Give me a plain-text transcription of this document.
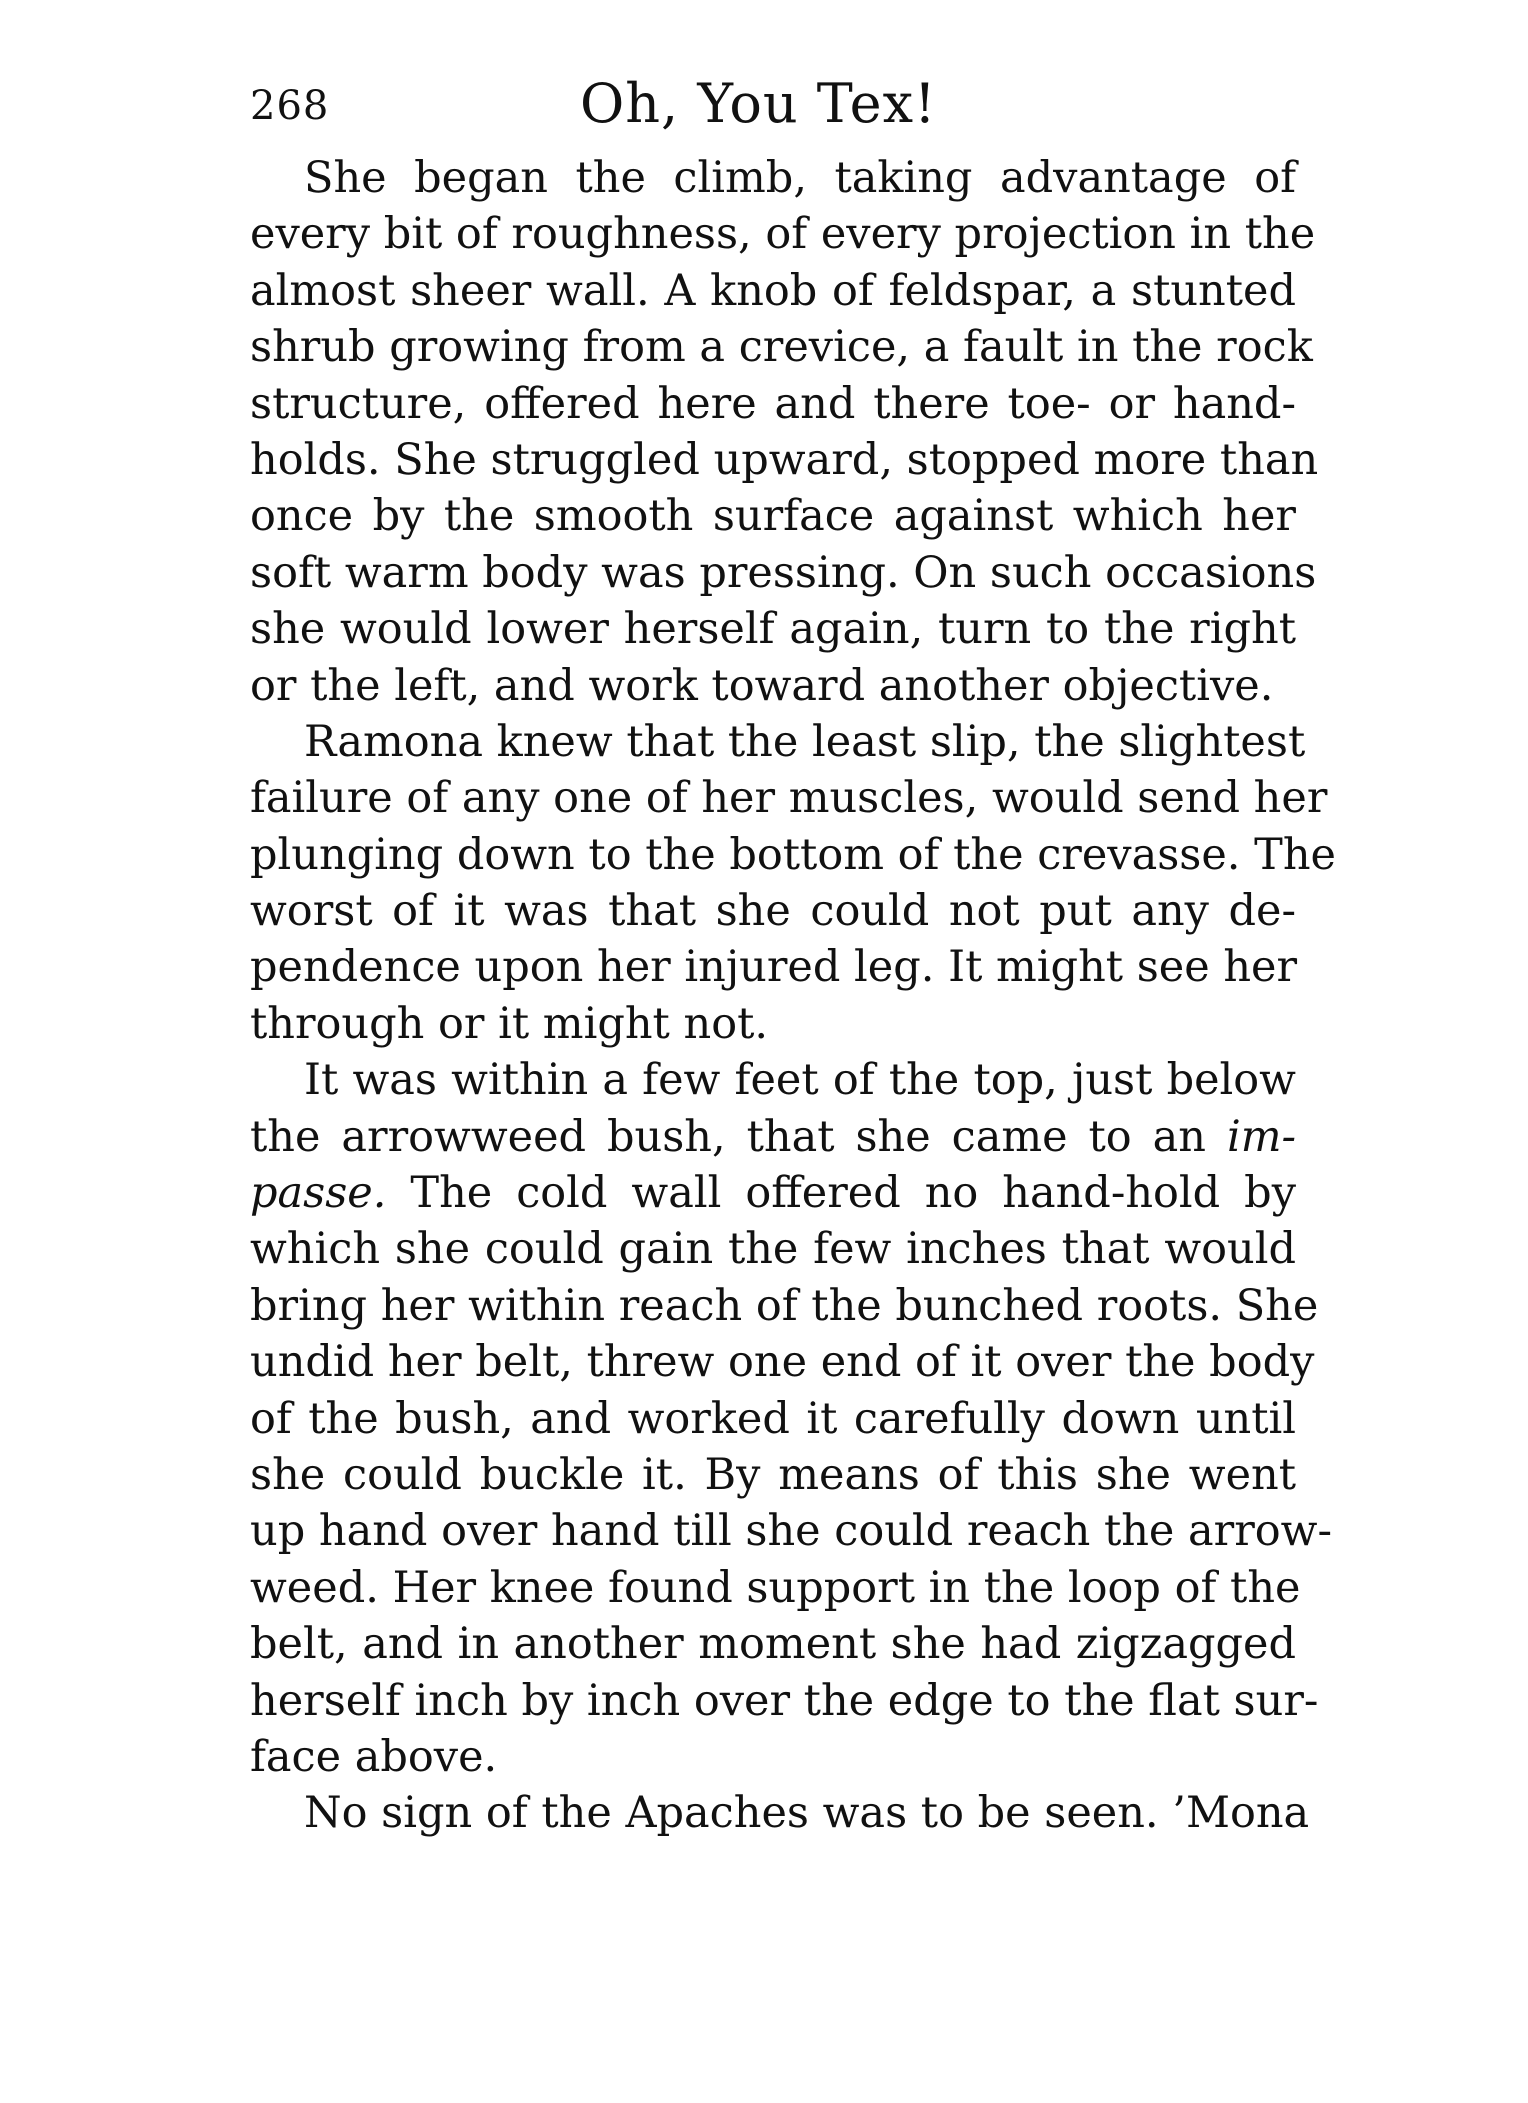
268	Oh, You Tex!
She began the climb, taking advantage of
every bit of roughness, of every projection in the
almost sheer wall. A knob of feldspar, a stunted
shrub growing from a crevice, a fault in the rock
structure, offered here and there toe- or hand-
holds. She struggled upward, stopped more than
once by the smooth surface against which her
soft warm body was pressing. On such occasions
she would lower herself again, turn to the right
or the left, and work toward another objective.
Ramona knew that the least slip, the slightest
failure of any one of her muscles, would send her
plunging down to the bottom of the crevasse. The
worst of it was that she could not put any de-
pendence upon her injured leg. It might see her
through or it might not.
It was within a few feet of the top, just below
the arrowweed bush, that she came to an im-
passe. The cold wall offered no hand-hold by
which she could gain the few inches that would
bring her within reach of the bunched roots. She
undid her belt, threw one end of it over the body
of the bush, and worked it carefully down until
she could buckle it. By means of this she went
up hand over hand till she could reach the arrow-
weed. Her knee found support in the loop of the
belt, and in another moment she had zigzagged
herself inch by inch over the edge to the flat sur-
face above.
No sign of the Apaches was to be seen. ’Mona
